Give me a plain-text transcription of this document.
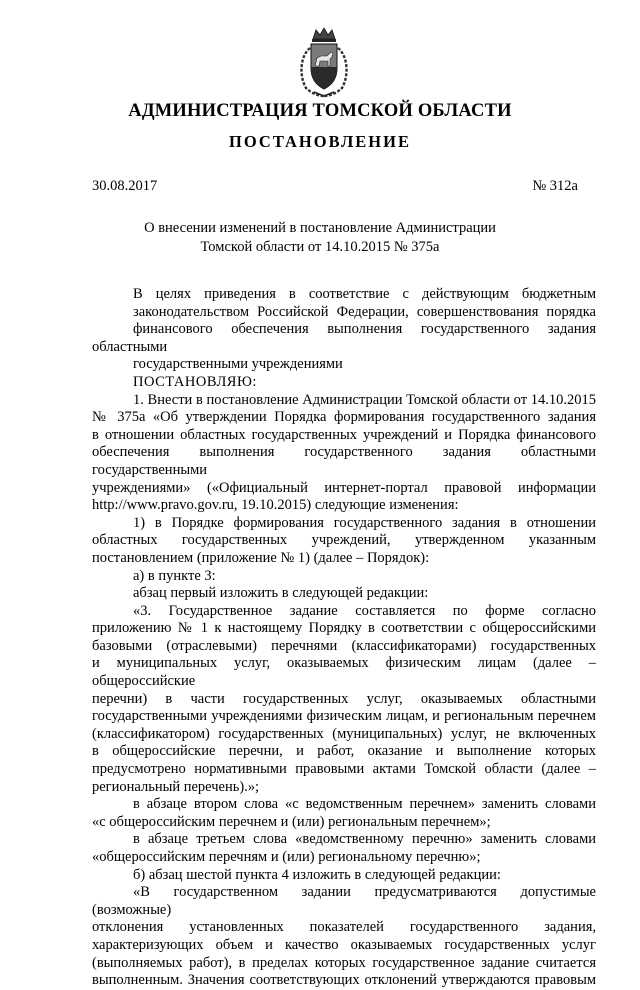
АДМИНИСТРАЦИЯ ТОМСКОЙ ОБЛАСТИ
ПОСТАНОВЛЕНИЕ
30.08.2017	№ 312а
О внесении изменений в постановление Администрации
Томской области от 14.10.2015 № 375а

В целях приведения в соответствие с действующим бюджетным
законодательством Российской Федерации, совершенствования порядка
финансового обеспечения выполнения государственного задания областными
государственными учреждениями

ПОСТАНОВЛЯЮ:

1. Внести в постановление Администрации Томской области от 14.10.2015
№ 375а «Об утверждении Порядка формирования государственного задания
в отношении областных государственных учреждений и Порядка финансового
обеспечения выполнения государственного задания областными государственными
учреждениями» («Официальный интернет-портал правовой информации
http://www.pravo.gov.ru, 19.10.2015) следующие изменения:

1) в Порядке формирования государственного задания в отношении
областных государственных учреждений, утвержденном указанным
постановлением (приложение № 1) (далее – Порядок):

а) в пункте 3:

абзац первый изложить в следующей редакции:

«3. Государственное задание составляется по форме согласно
приложению № 1 к настоящему Порядку в соответствии с общероссийскими
базовыми (отраслевыми) перечнями (классификаторами) государственных
и муниципальных услуг, оказываемых физическим лицам (далее – общероссийские
перечни) в части государственных услуг, оказываемых областными
государственными учреждениями физическим лицам, и региональным перечнем
(классификатором) государственных (муниципальных) услуг, не включенных
в общероссийские перечни, и работ, оказание и выполнение которых
предусмотрено нормативными правовыми актами Томской области (далее –
региональный перечень).»;

в абзаце втором слова «с ведомственным перечнем» заменить словами
«с общероссийским перечнем и (или) региональным перечнем»;

в абзаце третьем слова «ведомственному перечню» заменить словами
«общероссийским перечням и (или) региональному перечню»;

б) абзац шестой пункта 4 изложить в следующей редакции:

«В государственном задании предусматриваются допустимые (возможные)
отклонения установленных показателей государственного задания,
характеризующих объем и качество оказываемых государственных услуг
(выполняемых работ), в пределах которых государственное задание считается
выполненным. Значения соответствующих отклонений утверждаются правовым
